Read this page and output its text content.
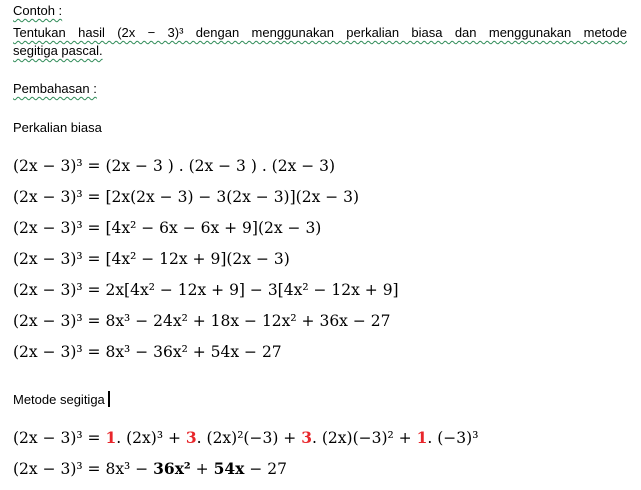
Contoh :
Tentukan hasil (2x − 3)³ dengan menggunakan perkalian biasa dan menggunakan metode
segitiga pascal.
Pembahasan :
Perkalian biasa
(2x − 3)³ = (2x − 3 ) . (2x − 3 ) . (2x − 3)
(2x − 3)³ = [2x(2x − 3) − 3(2x − 3)](2x − 3)
(2x − 3)³ = [4x² − 6x − 6x + 9](2x − 3)
(2x − 3)³ = [4x² − 12x + 9](2x − 3)
(2x − 3)³ = 2x[4x² − 12x + 9] − 3[4x² − 12x + 9]
(2x − 3)³ = 8x³ − 24x² + 18x − 12x² + 36x − 27
(2x − 3)³ = 8x³ − 36x² + 54x − 27
Metode segitiga
(2x − 3)³ = 1. (2x)³ + 3. (2x)²(−3) + 3. (2x)(−3)² + 1. (−3)³
(2x − 3)³ = 8x³ − 36x² + 54x − 27
